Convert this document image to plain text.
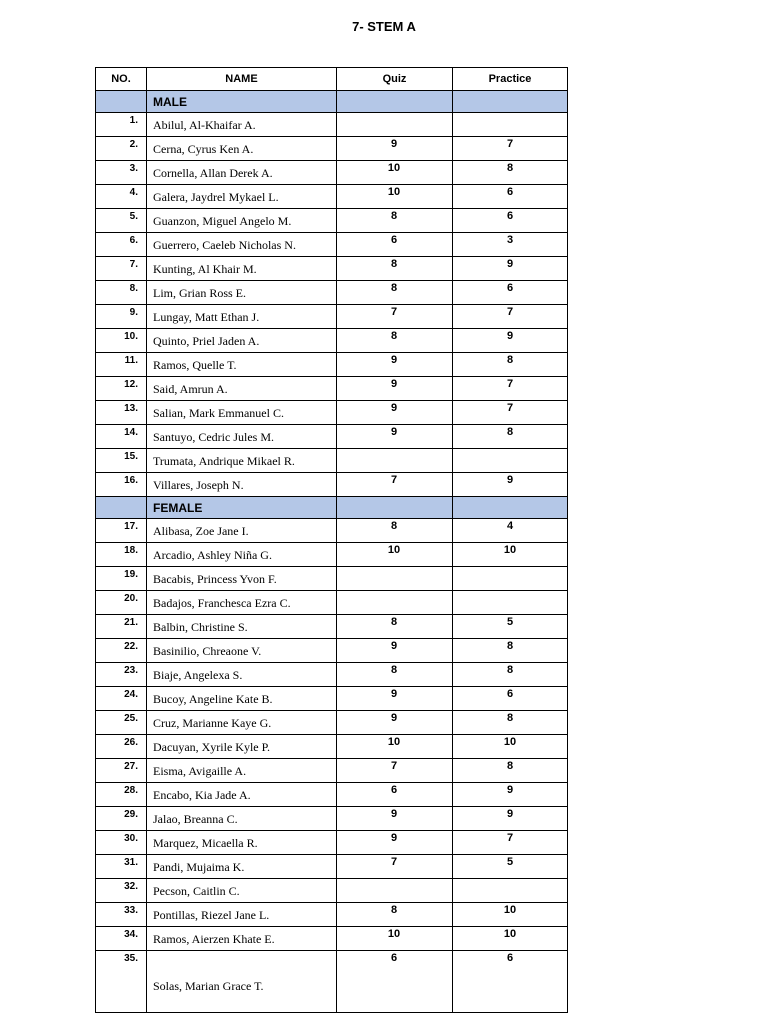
7- STEM A
NO.	NAME	Quiz	Practice
	MALE		
1.	Abilul, Al-Khaifar A.		
2.	Cerna, Cyrus Ken A.	9	7
3.	Cornella, Allan Derek A.	10	8
4.	Galera, Jaydrel Mykael L.	10	6
5.	Guanzon, Miguel Angelo M.	8	6
6.	Guerrero, Caeleb Nicholas N.	6	3
7.	Kunting, Al Khair M.	8	9
8.	Lim, Grian Ross E.	8	6
9.	Lungay, Matt Ethan J.	7	7
10.	Quinto, Priel Jaden A.	8	9
11.	Ramos, Quelle T.	9	8
12.	Said, Amrun A.	9	7
13.	Salian, Mark Emmanuel C.	9	7
14.	Santuyo, Cedric Jules M.	9	8
15.	Trumata, Andrique Mikael R.		
16.	Villares, Joseph N.	7	9
	FEMALE		
17.	Alibasa, Zoe Jane I.	8	4
18.	Arcadio, Ashley Niña G.	10	10
19.	Bacabis, Princess Yvon F.		
20.	Badajos, Franchesca Ezra C.		
21.	Balbin, Christine S.	8	5
22.	Basinilio, Chreaone V.	9	8
23.	Biaje, Angelexa S.	8	8
24.	Bucoy, Angeline Kate B.	9	6
25.	Cruz, Marianne Kaye G.	9	8
26.	Dacuyan, Xyrile Kyle P.	10	10
27.	Eisma, Avigaille A.	7	8
28.	Encabo, Kia Jade A.	6	9
29.	Jalao, Breanna C.	9	9
30.	Marquez, Micaella R.	9	7
31.	Pandi, Mujaima K.	7	5
32.	Pecson, Caitlin C.		
33.	Pontillas, Riezel Jane L.	8	10
34.	Ramos, Aierzen Khate E.	10	10
35.	Solas, Marian Grace T.	6	6
